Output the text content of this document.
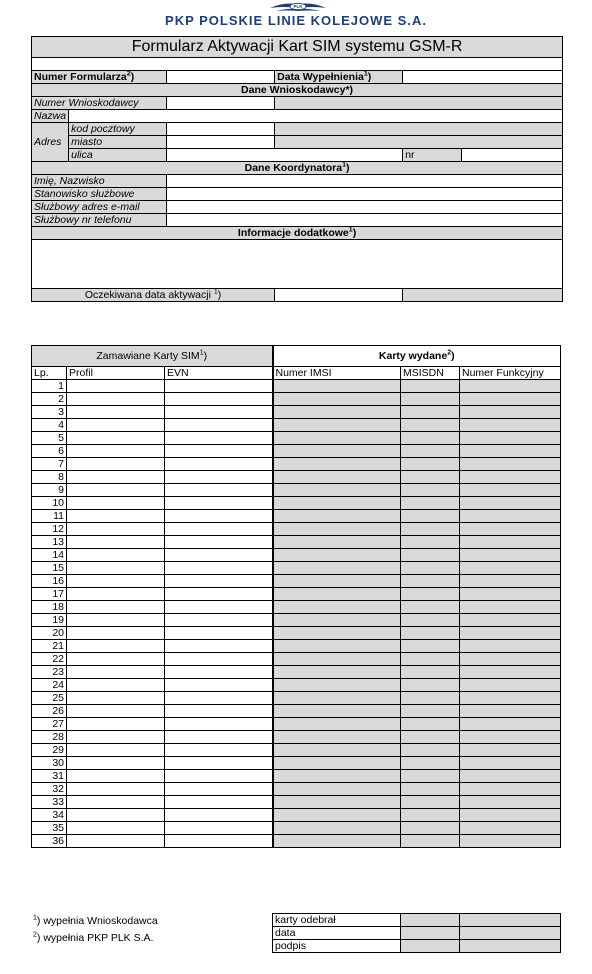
PLK
PKP POLSKIE LINIE KOLEJOWE S.A.
Formularz Aktywacji Kart SIM systemu GSM-R					

Numer Formularza$^2$)			Data Wypełnienia$^1$)		
Dane Wnioskodawcy*)					
Numer Wnioskodawcy					
Nazwa					
Adres	kod pocztowy				
	miasto				
	ulica			nr	
Dane Koordynatora$^1$)					
Imię, Nazwisko					
Stanowisko służbowe					
Służbowy adres e-mail					
Służbowy nr telefonu					
Informacje dodatkowe$^1$)					

Oczekiwana data aktywacji $^1$)					
Zamawiane Karty SIM$^1$)			Karty wydane$^2$)		
Lp.	Profil	EVN	Numer IMSI	MSISDN	Numer Funkcyjny
1					
2					
3					
4					
5					
6					
7					
8					
9					
10					
11					
12					
13					
14					
15					
16					
17					
18					
19					
20					
21					
22					
23					
24					
25					
26					
27					
28					
29					
30					
31					
32					
33					
34					
35					
36					
$^1$) wypełnia Wnioskodawca
$^2$) wypełnia PKP PLK S.A.
karty odebrał		
data		
podpis		
